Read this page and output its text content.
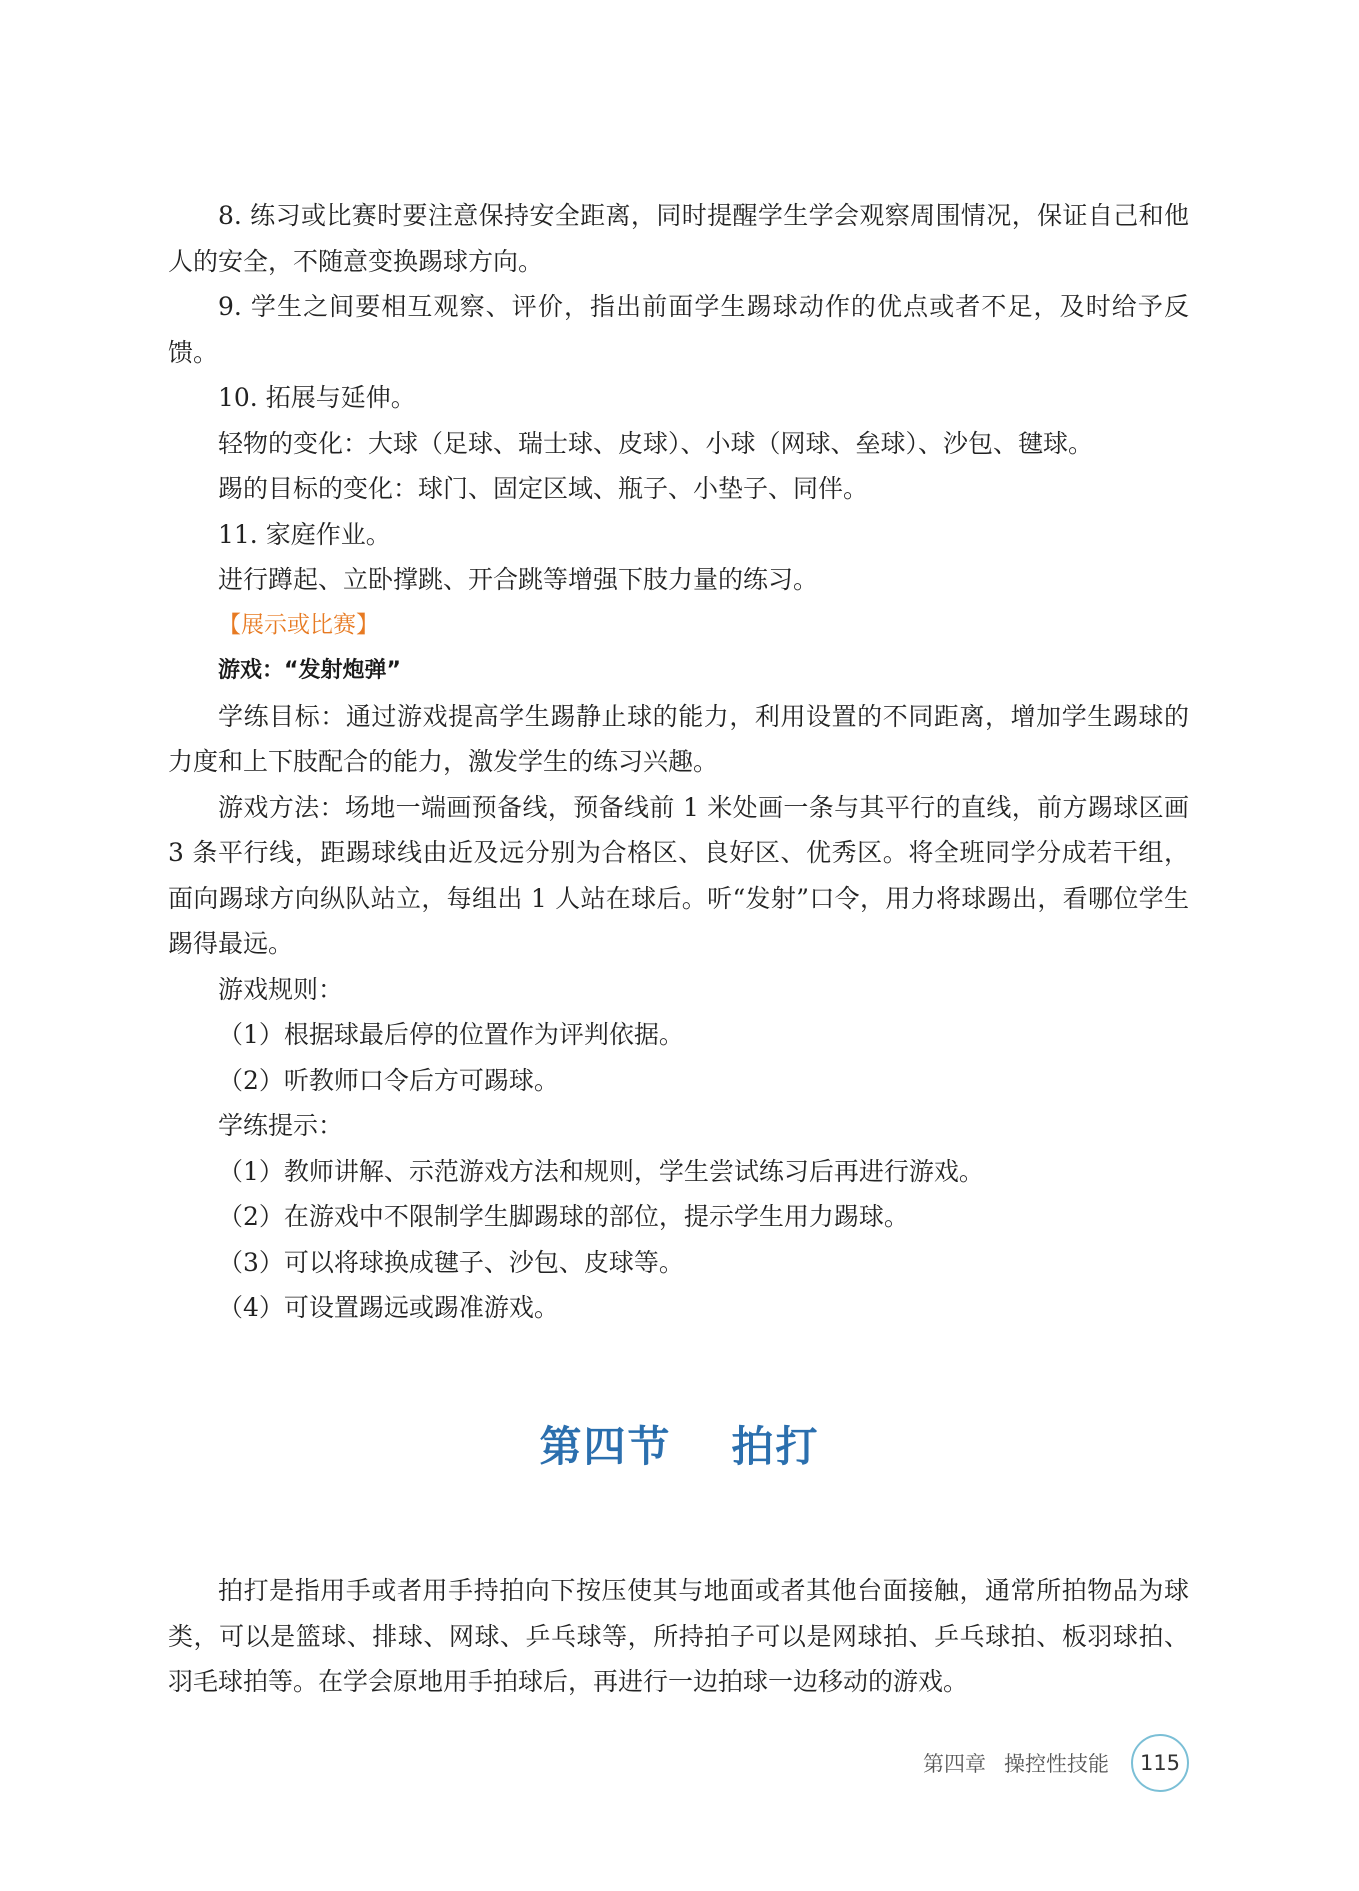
8. 练习或比赛时要注意保持安全距离，同时提醒学生学会观察周围情况，保证自己和他人的安全，不随意变换踢球方向。

9. 学生之间要相互观察、评价，指出前面学生踢球动作的优点或者不足，及时给予反馈。

10. 拓展与延伸。

轻物的变化：大球（足球、瑞士球、皮球）、小球（网球、垒球）、沙包、毽球。

踢的目标的变化：球门、固定区域、瓶子、小垫子、同伴。

11. 家庭作业。

进行蹲起、立卧撑跳、开合跳等增强下肢力量的练习。

【展示或比赛】
游戏：“发射炮弹”

学练目标：通过游戏提高学生踢静止球的能力，利用设置的不同距离，增加学生踢球的力度和上下肢配合的能力，激发学生的练习兴趣。

游戏方法：场地一端画预备线，预备线前 1 米处画一条与其平行的直线，前方踢球区画 3 条平行线，距踢球线由近及远分别为合格区、良好区、优秀区。将全班同学分成若干组，面向踢球方向纵队站立，每组出 1 人站在球后。听“发射”口令，用力将球踢出，看哪位学生踢得最远。

游戏规则：

（1）根据球最后停的位置作为评判依据。

（2）听教师口令后方可踢球。

学练提示：

（1）教师讲解、示范游戏方法和规则，学生尝试练习后再进行游戏。

（2）在游戏中不限制学生脚踢球的部位，提示学生用力踢球。

（3）可以将球换成毽子、沙包、皮球等。

（4）可设置踢远或踢准游戏。

第四节 拍打

拍打是指用手或者用手持拍向下按压使其与地面或者其他台面接触，通常所拍物品为球类，可以是篮球、排球、网球、乒乓球等，所持拍子可以是网球拍、乒乓球拍、板羽球拍、羽毛球拍等。在学会原地用手拍球后，再进行一边拍球一边移动的游戏。

第四章 操控性技能 115
